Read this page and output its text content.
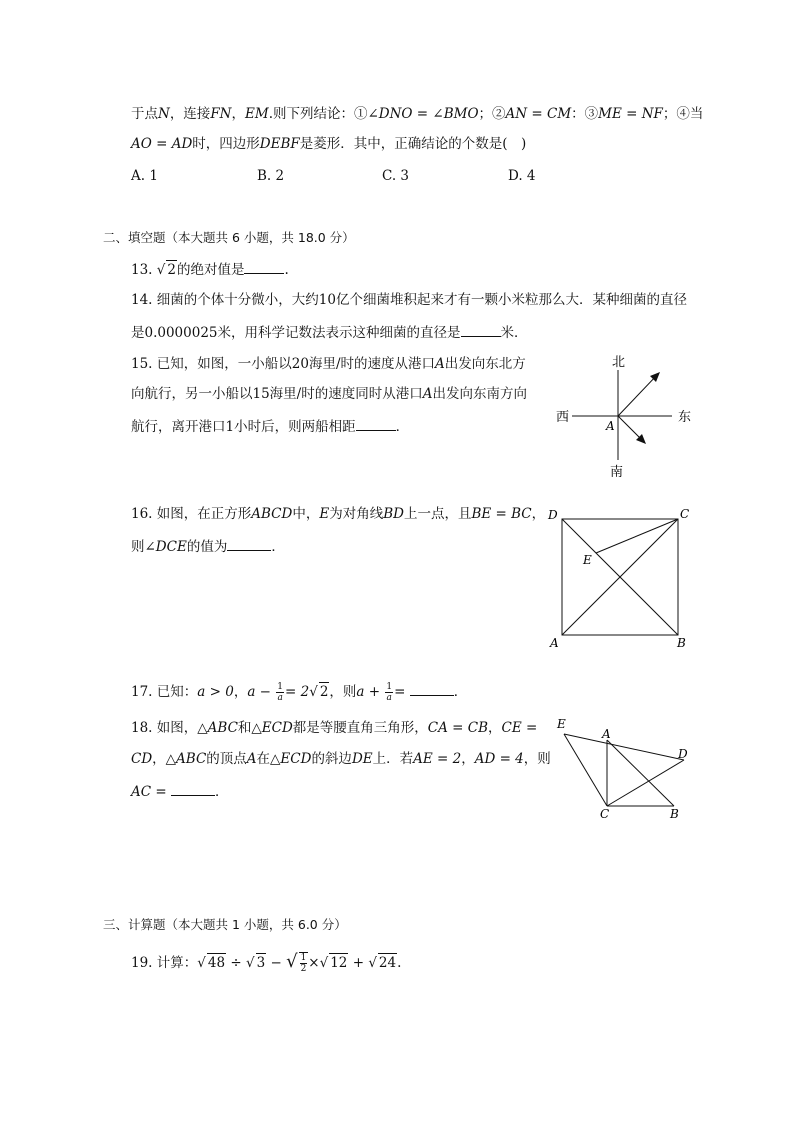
于点N，连接FN，EM.则下列结论：①∠DNO = ∠BMO；②AN = CM：③ME = NF；④当
AO = AD时，四边形DEBF是菱形．其中，正确结论的个数是(　)
A. 1	B. 2	C. 3	D. 4
二、填空题（本大题共 6 小题，共 18.0 分）
13. √ 2的绝对值是	.
14. 细菌的个体十分微小，大约10亿个细菌堆积起来才有一颗小米粒那么大．某种细菌的直径
是0.0000025米，用科学记数法表示这种细菌的直径是	米．
15. 已知，如图，一小船以20海里/时的速度从港口A出发向东北方
向航行，另一小船以15海里/时的速度同时从港口A出发向东南方向
航行，离开港口1小时后，则两船相距	．
北
南
东
西
A
16. 如图，在正方形ABCD中，E为对角线BD上一点，且BE = BC，
则∠DCE的值为	．
D	C
A	B
E
17. 已知：a > 0，$a - \frac{1}{a} = 2√$ 2，则$a + \frac{1}{a}$ =	．
18. 如图，△ABC和△ECD都是等腰直角三角形，CA = CB，CE =
CD，△ABC的顶点A在△ECD的斜边DE上．若AE = 2，AD = 4，则
AC =	．
E
A
D
C	B
三、计算题（本大题共 1 小题，共 6.0 分）
19. 计算：√ 48 ÷ √ 3 − √ $\frac{1}{2}$ ×√ 12 + √ 24.
